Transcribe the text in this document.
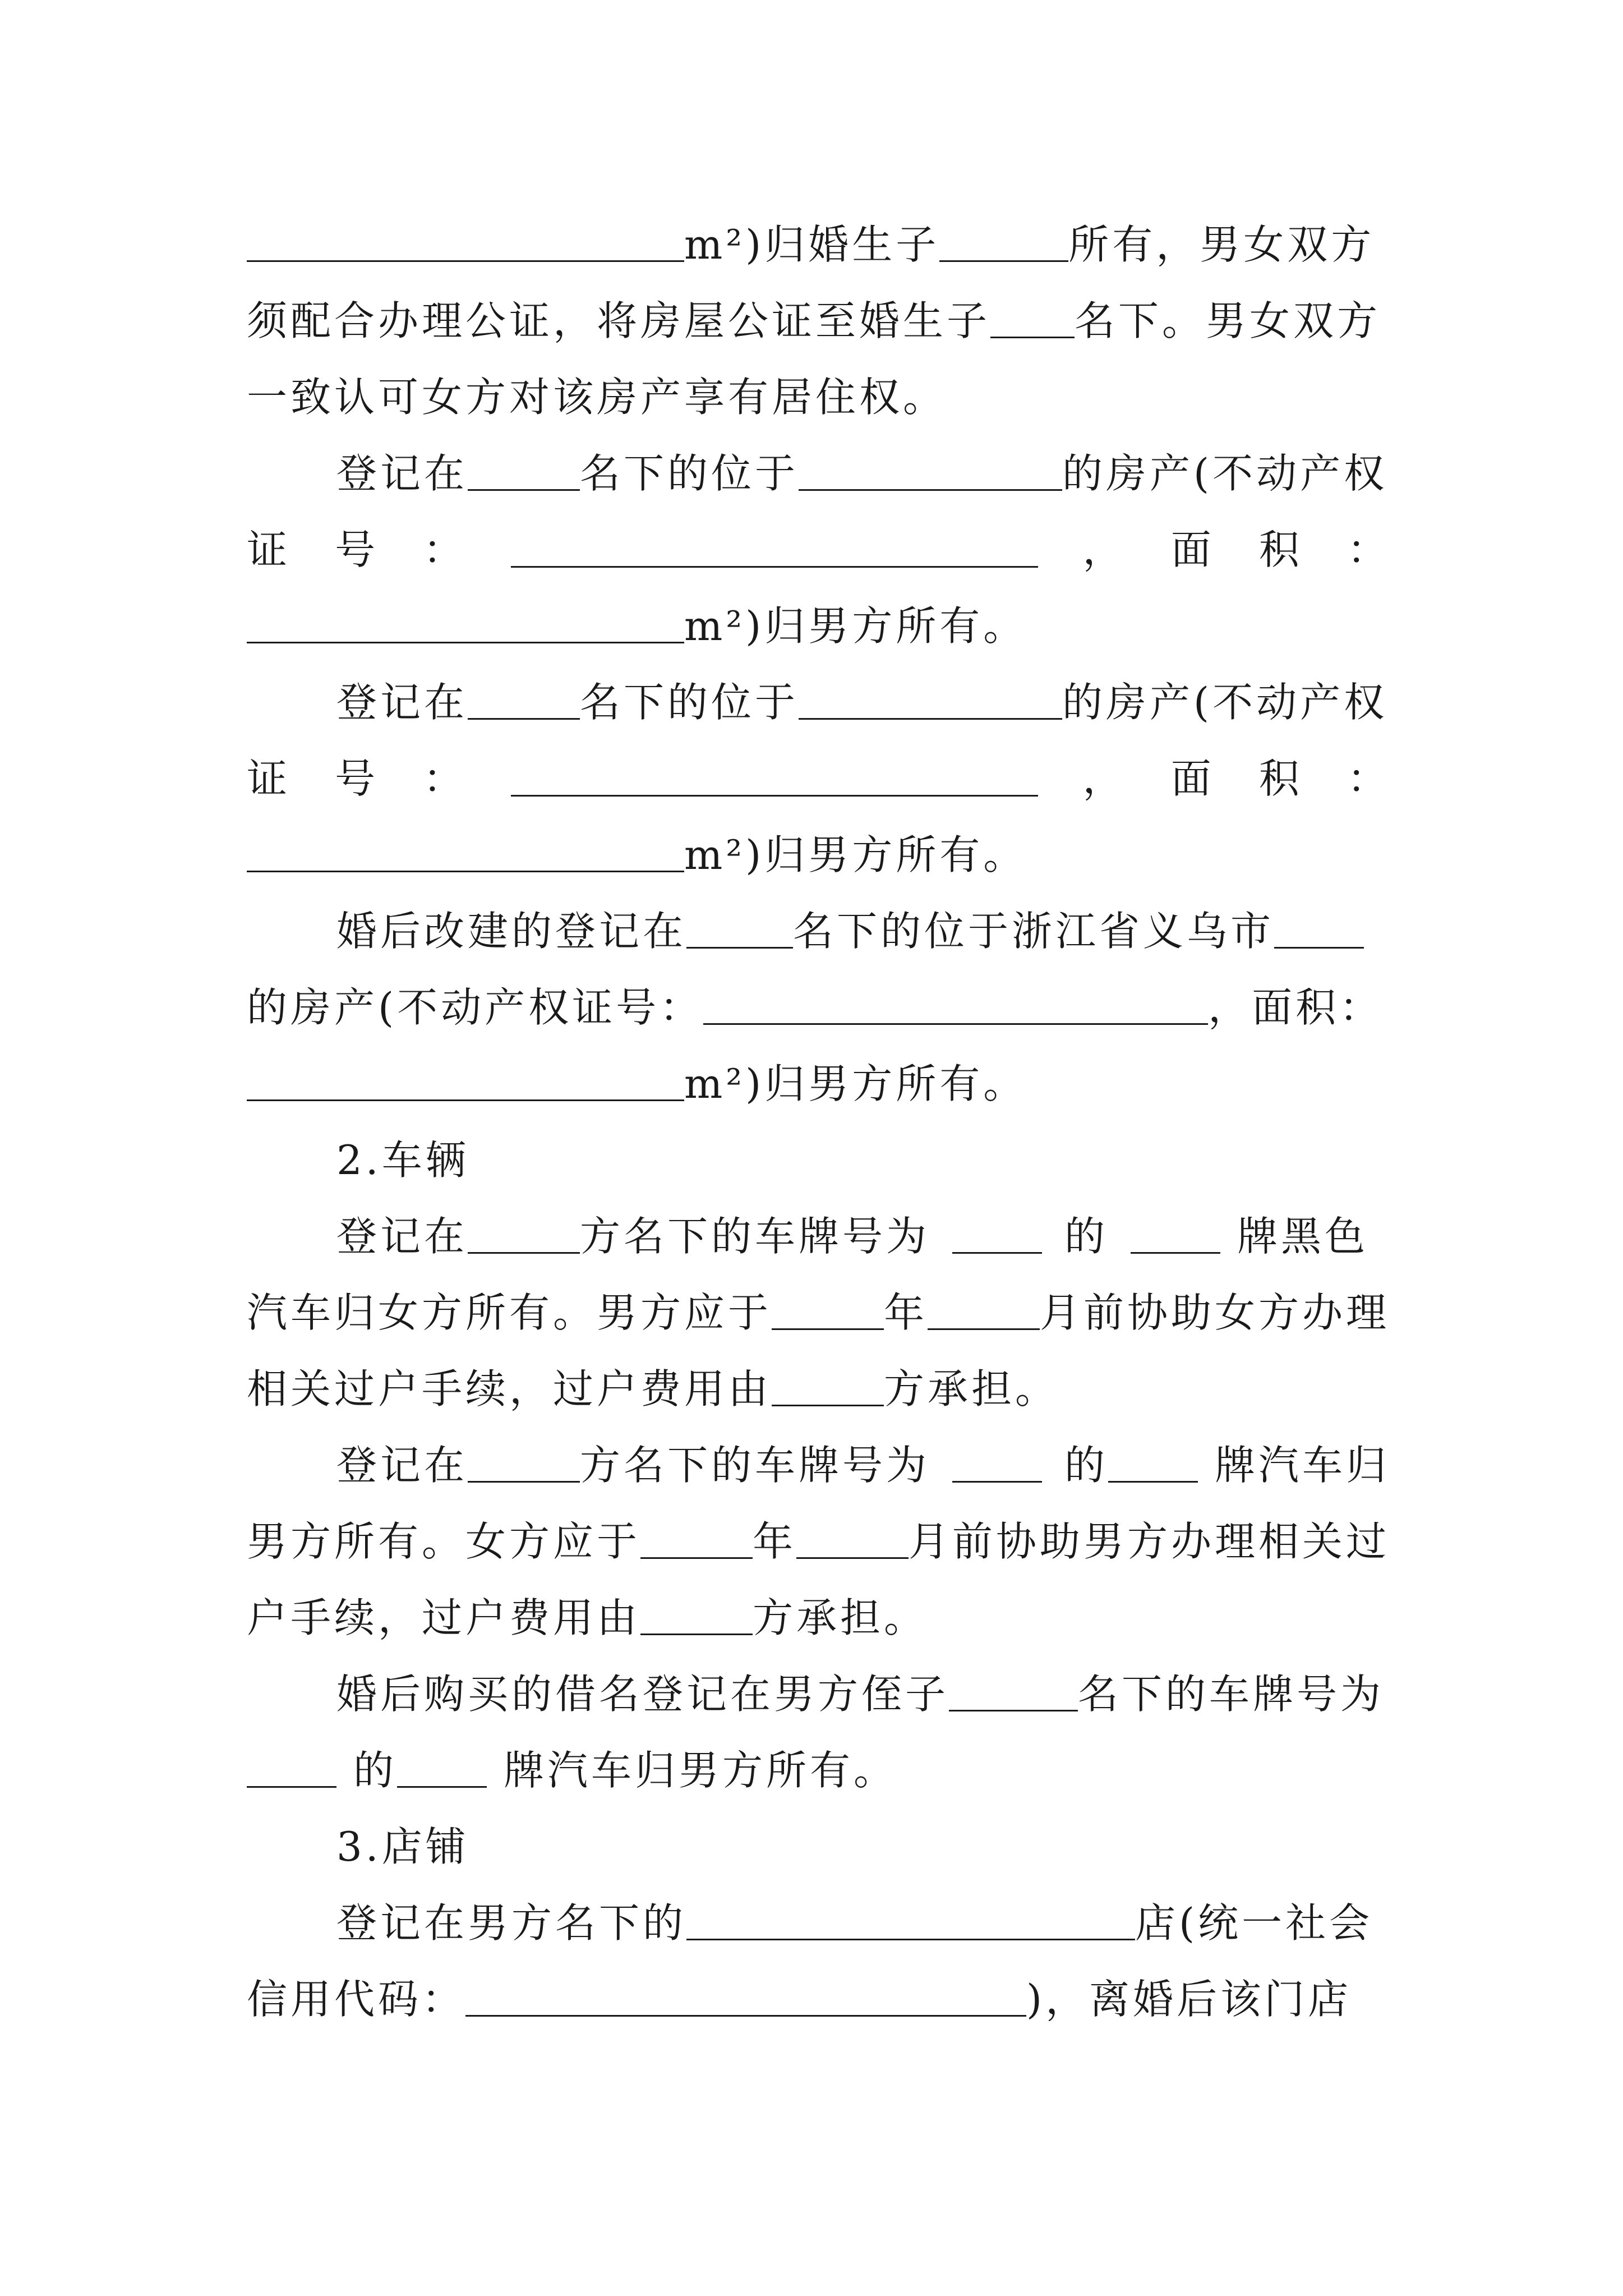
m²)归婚生子	所有，男女双方
须配合办理公证，将房屋公证至婚生子 名下。男女双方
一致认可女方对该房产享有居住权。
登记在	名下的位于	的房产(不动产权
证 号 ：	， 面 积 ：
m²)归男方所有。
登记在	名下的位于	的房产(不动产权
证 号 ：	， 面 积 ：
m²)归男方所有。
婚后改建的登记在	名下的位于浙江省义乌市
的房产(不动产权证号：	，面积：
m²)归男方所有。
2.车辆
登记在	方名下的车牌号为	的	牌黑色
汽车归女方所有。男方应于	年	月前协助女方办理
相关过户手续，过户费用由	方承担。
登记在	方名下的车牌号为	的	牌汽车归
男方所有。女方应于	年	月前协助男方办理相关过
户手续，过户费用由	方承担。
婚后购买的借名登记在男方侄子	名下的车牌号为
的	牌汽车归男方所有。
3.店铺
登记在男方名下的	店(统一社会
信用代码：	)，离婚后该门店
